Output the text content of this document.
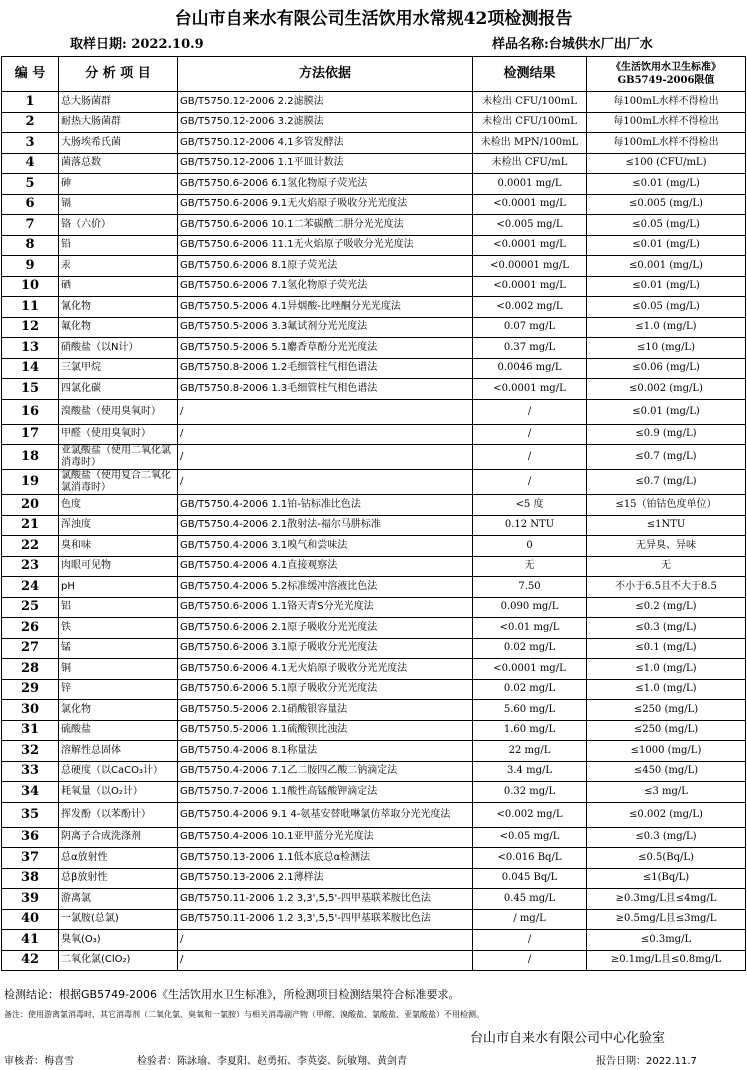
台山市自来水有限公司生活饮用水常规42项检测报告
取样日期: 2022.10.9	样品名称:台城供水厂出厂水
编 号	分 析 项 目	方法依据	检测结果	《生活饮用水卫生标准》
GB5749-2006限值

1	总大肠菌群	GB/T5750.12-2006 2.2滤膜法	未检出 CFU/100mL	每100mL水样不得检出
2	耐热大肠菌群	GB/T5750.12-2006 3.2滤膜法	未检出 CFU/100mL	每100mL水样不得检出
3	大肠埃希氏菌	GB/T5750.12-2006 4.1多管发酵法	未检出 MPN/100mL	每100mL水样不得检出
4	菌落总数	GB/T5750.12-2006 1.1平皿计数法	未检出 CFU/mL	≤100 (CFU/mL)
5	砷	GB/T5750.6-2006 6.1氢化物原子荧光法	0.0001 mg/L	≤0.01 (mg/L)
6	镉	GB/T5750.6-2006 9.1无火焰原子吸收分光光度法	<0.0001 mg/L	≤0.005 (mg/L)
7	铬（六价）	GB/T5750.6-2006 10.1二苯碳酰二肼分光光度法	<0.005 mg/L	≤0.05 (mg/L)
8	铅	GB/T5750.6-2006 11.1无火焰原子吸收分光光度法	<0.0001 mg/L	≤0.01 (mg/L)
9	汞	GB/T5750.6-2006 8.1原子荧光法	<0.00001 mg/L	≤0.001 (mg/L)
10	硒	GB/T5750.6-2006 7.1氢化物原子荧光法	<0.0001 mg/L	≤0.01 (mg/L)
11	氰化物	GB/T5750.5-2006 4.1异烟酸-比唑酮分光光度法	<0.002 mg/L	≤0.05 (mg/L)
12	氟化物	GB/T5750.5-2006 3.3氟试剂分光光度法	0.07 mg/L	≤1.0 (mg/L)
13	硝酸盐（以N计）	GB/T5750.5-2006 5.1麝香草酚分光光度法	0.37 mg/L	≤10 (mg/L)
14	三氯甲烷	GB/T5750.8-2006 1.2毛细管柱气相色谱法	0.0046 mg/L	≤0.06 (mg/L)
15	四氯化碳	GB/T5750.8-2006 1.3毛细管柱气相色谱法	<0.0001 mg/L	≤0.002 (mg/L)
16	溴酸盐（使用臭氧时）	/	/	≤0.01 (mg/L)
17	甲醛（使用臭氧时）	/	/	≤0.9 (mg/L)
18	亚氯酸盐（使用二氧化氯消毒时）	/	/	≤0.7 (mg/L)
19	氯酸盐（使用复合二氧化氯消毒时）	/	/	≤0.7 (mg/L)
20	色度	GB/T5750.4-2006 1.1铂-钴标准比色法	<5 度	≤15（铂钴色度单位）
21	浑浊度	GB/T5750.4-2006 2.1散射法-福尔马肼标准	0.12 NTU	≤1NTU
22	臭和味	GB/T5750.4-2006 3.1嗅气和尝味法	0	无异臭、异味
23	肉眼可见物	GB/T5750.4-2006 4.1直接观察法	无	无
24	pH	GB/T5750.4-2006 5.2标准缓冲溶液比色法	7.50	不小于6.5且不大于8.5
25	铝	GB/T5750.6-2006 1.1铬天青S分光光度法	0.090 mg/L	≤0.2 (mg/L)
26	铁	GB/T5750.6-2006 2.1原子吸收分光光度法	<0.01 mg/L	≤0.3 (mg/L)
27	锰	GB/T5750.6-2006 3.1原子吸收分光光度法	0.02 mg/L	≤0.1 (mg/L)
28	铜	GB/T5750.6-2006 4.1无火焰原子吸收分光光度法	<0.0001 mg/L	≤1.0 (mg/L)
29	锌	GB/T5750.6-2006 5.1原子吸收分光光度法	0.02 mg/L	≤1.0 (mg/L)
30	氯化物	GB/T5750.5-2006 2.1硝酸银容量法	5.60 mg/L	≤250 (mg/L)
31	硫酸盐	GB/T5750.5-2006 1.1硫酸钡比浊法	1.60 mg/L	≤250 (mg/L)
32	溶解性总固体	GB/T5750.4-2006 8.1称量法	22 mg/L	≤1000 (mg/L)
33	总硬度（以CaCO₃计）	GB/T5750.4-2006 7.1乙二胺四乙酸二钠滴定法	3.4 mg/L	≤450 (mg/L)
34	耗氧量（以O₂计）	GB/T5750.7-2006 1.1酸性高锰酸钾滴定法	0.32 mg/L	≤3 mg/L
35	挥发酚（以苯酚计）	GB/T5750.4-2006 9.1 4-氨基安替吡啉氯仿萃取分光光度法	<0.002 mg/L	≤0.002 (mg/L)
36	阴离子合成洗涤剂	GB/T5750.4-2006 10.1亚甲蓝分光光度法	<0.05 mg/L	≤0.3 (mg/L)
37	总α放射性	GB/T5750.13-2006 1.1低本底总α检测法	<0.016 Bq/L	≤0.5(Bq/L)
38	总β放射性	GB/T5750.13-2006 2.1薄样法	0.045 Bq/L	≤1(Bq/L)
39	游离氯	GB/T5750.11-2006 1.2 3,3',5,5'-四甲基联苯胺比色法	0.45 mg/L	≥0.3mg/L且≤4mg/L
40	一氯胺(总氯)	GB/T5750.11-2006 1.2 3,3',5,5'-四甲基联苯胺比色法	/ mg/L	≥0.5mg/L且≤3mg/L
41	臭氧(O₃)	/	/	≤0.3mg/L
42	二氧化氯(ClO₂)	/	/	≥0.1mg/L且≤0.8mg/L
检测结论：根据GB5749-2006《生活饮用水卫生标准》，所检测项目检测结果符合标准要求。
备注：使用游离氯消毒时，其它消毒剂（二氧化氯、臭氧和一氯胺）与相关消毒副产物（甲醛、溴酸盐、氯酸盐、亚氯酸盐）不用检测。
台山市自来水有限公司中心化验室
审核者：梅喜雪	检验者：陈詠瑜、李夏阳、赵勇拓、李英姿、阮敏翔、黄剑青	报告日期：2022.11.7
